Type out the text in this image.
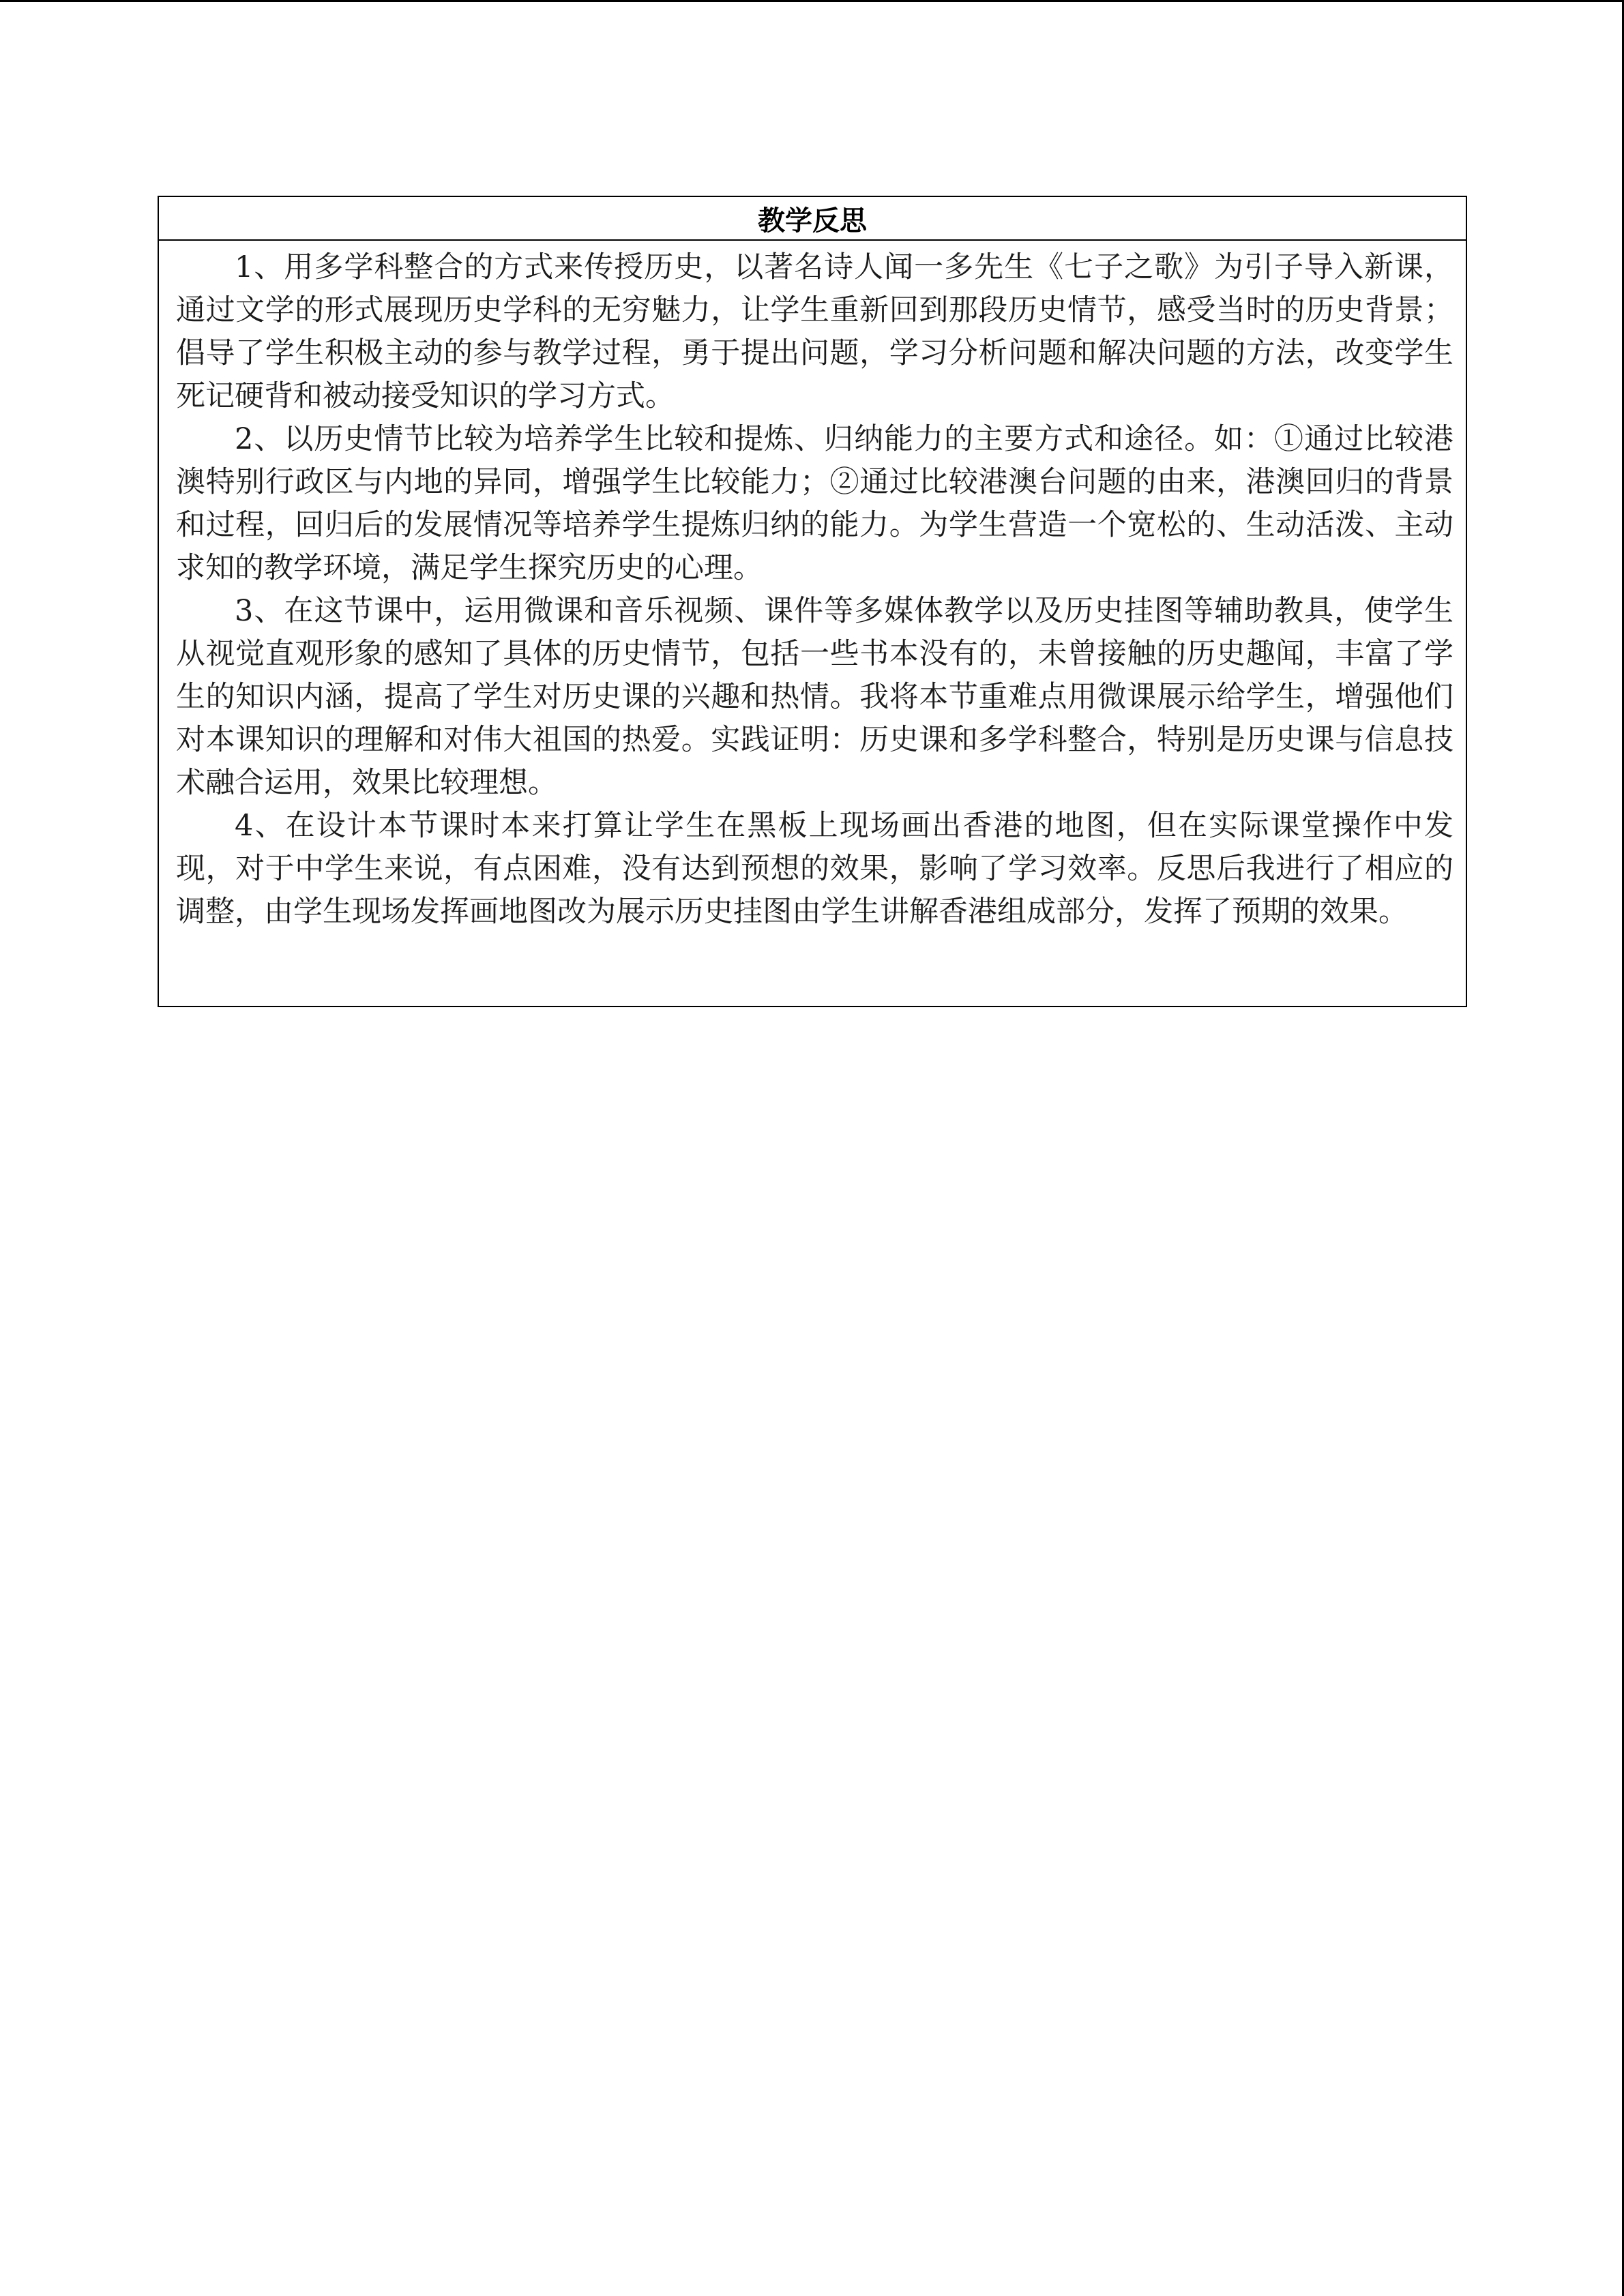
教学反思

1、用多学科整合的方式来传授历史，以著名诗人闻一多先生《七子之歌》为引子导入新课，通过文学的形式展现历史学科的无穷魅力，让学生重新回到那段历史情节，感受当时的历史背景；倡导了学生积极主动的参与教学过程，勇于提出问题，学习分析问题和解决问题的方法，改变学生死记硬背和被动接受知识的学习方式。

2、以历史情节比较为培养学生比较和提炼、归纳能力的主要方式和途径。如：①通过比较港澳特别行政区与内地的异同，增强学生比较能力；②通过比较港澳台问题的由来，港澳回归的背景和过程，回归后的发展情况等培养学生提炼归纳的能力。为学生营造一个宽松的、生动活泼、主动求知的教学环境，满足学生探究历史的心理。

3、在这节课中，运用微课和音乐视频、课件等多媒体教学以及历史挂图等辅助教具，使学生从视觉直观形象的感知了具体的历史情节，包括一些书本没有的，未曾接触的历史趣闻，丰富了学生的知识内涵，提高了学生对历史课的兴趣和热情。我将本节重难点用微课展示给学生，增强他们对本课知识的理解和对伟大祖国的热爱。实践证明：历史课和多学科整合，特别是历史课与信息技术融合运用，效果比较理想。

4、在设计本节课时本来打算让学生在黑板上现场画出香港的地图，但在实际课堂操作中发现，对于中学生来说，有点困难，没有达到预想的效果，影响了学习效率。反思后我进行了相应的调整，由学生现场发挥画地图改为展示历史挂图由学生讲解香港组成部分，发挥了预期的效果。
